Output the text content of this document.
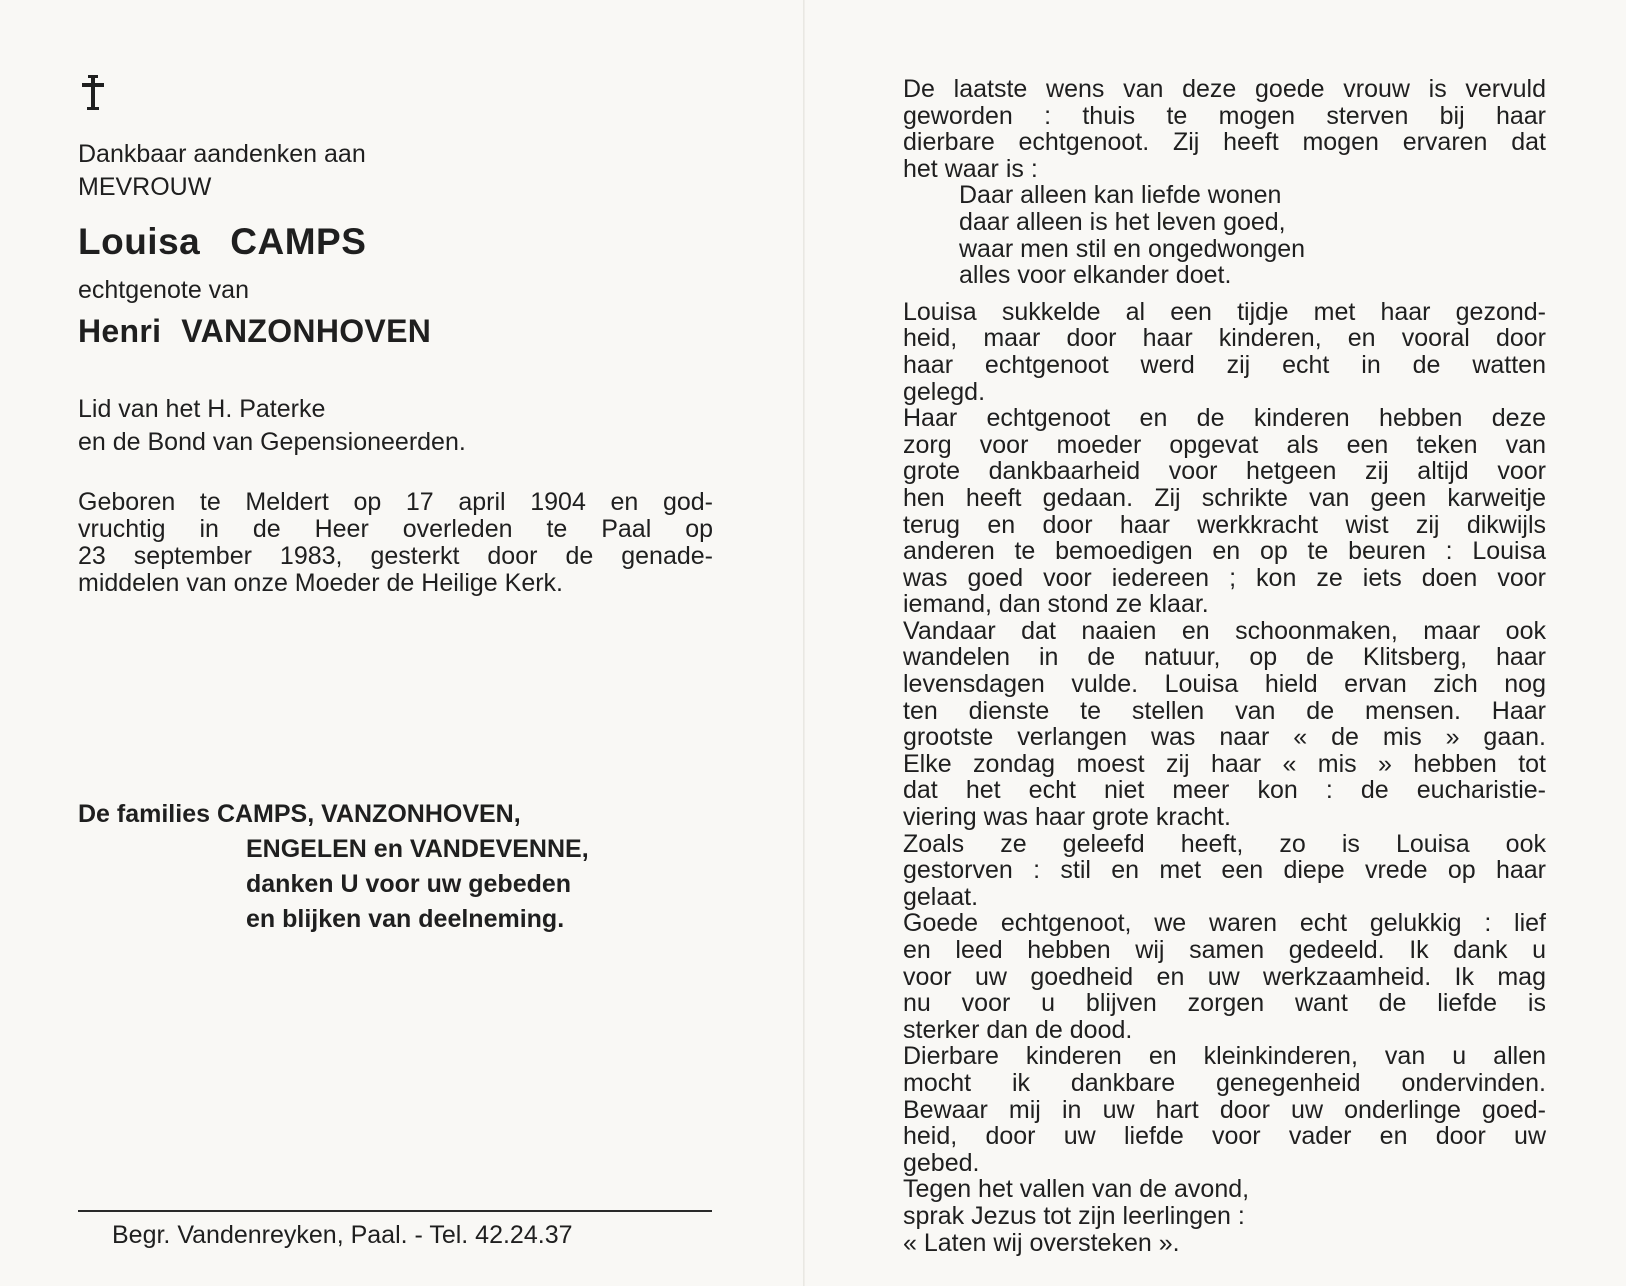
Dankbaar aandenken aan
MEVROUW
Louisa CAMPS
echtgenote van
Henri VANZONHOVEN
Lid van het H. Paterke
en de Bond van Gepensioneerden.
Geboren te Meldert op 17 april 1904 en god-
vruchtig in de Heer overleden te Paal op
23 september 1983, gesterkt door de genade-
middelen van onze Moeder de Heilige Kerk.
De families CAMPS, VANZONHOVEN,
ENGELEN en VANDEVENNE,
danken U voor uw gebeden
en blijken van deelneming.
Begr. Vandenreyken, Paal. - Tel. 42.24.37
De laatste wens van deze goede vrouw is vervuld
geworden : thuis te mogen sterven bij haar
dierbare echtgenoot. Zij heeft mogen ervaren dat
het waar is :
Daar alleen kan liefde wonen
daar alleen is het leven goed,
waar men stil en ongedwongen
alles voor elkander doet.
Louisa sukkelde al een tijdje met haar gezond-
heid, maar door haar kinderen, en vooral door
haar echtgenoot werd zij echt in de watten
gelegd.
Haar echtgenoot en de kinderen hebben deze
zorg voor moeder opgevat als een teken van
grote dankbaarheid voor hetgeen zij altijd voor
hen heeft gedaan. Zij schrikte van geen karweitje
terug en door haar werkkracht wist zij dikwijls
anderen te bemoedigen en op te beuren : Louisa
was goed voor iedereen ; kon ze iets doen voor
iemand, dan stond ze klaar.
Vandaar dat naaien en schoonmaken, maar ook
wandelen in de natuur, op de Klitsberg, haar
levensdagen vulde. Louisa hield ervan zich nog
ten dienste te stellen van de mensen. Haar
grootste verlangen was naar « de mis » gaan.
Elke zondag moest zij haar « mis » hebben tot
dat het echt niet meer kon : de eucharistie-
viering was haar grote kracht.
Zoals ze geleefd heeft, zo is Louisa ook
gestorven : stil en met een diepe vrede op haar
gelaat.
Goede echtgenoot, we waren echt gelukkig : lief
en leed hebben wij samen gedeeld. Ik dank u
voor uw goedheid en uw werkzaamheid. Ik mag
nu voor u blijven zorgen want de liefde is
sterker dan de dood.
Dierbare kinderen en kleinkinderen, van u allen
mocht ik dankbare genegenheid ondervinden.
Bewaar mij in uw hart door uw onderlinge goed-
heid, door uw liefde voor vader en door uw
gebed.
Tegen het vallen van de avond,
sprak Jezus tot zijn leerlingen :
« Laten wij oversteken ».
